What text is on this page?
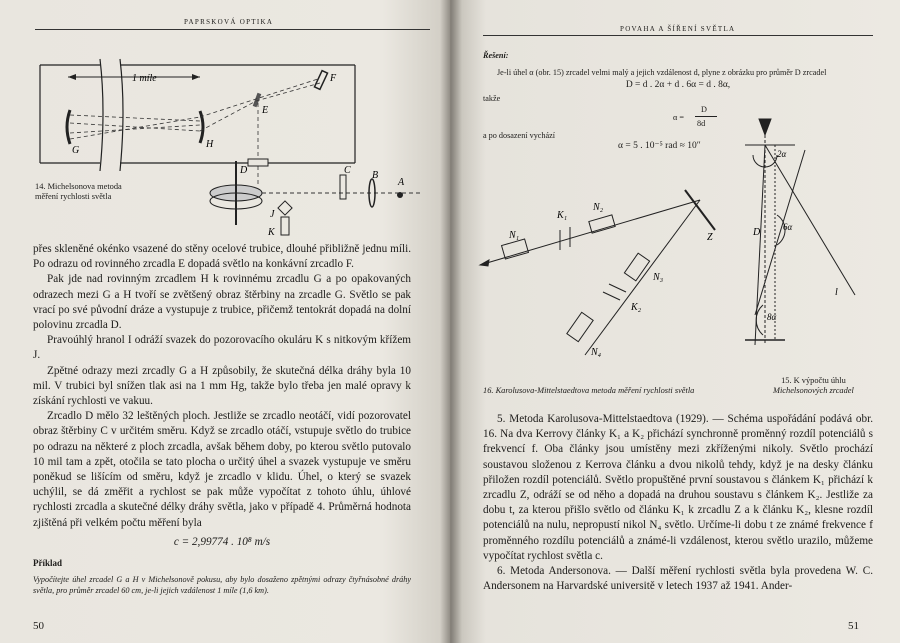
PAPRSKOVÁ OPTIKA
1 míle
G
H
F
E
D	C B
A
J
K
14. Michelsonova metoda
měření rychlosti světla

přes skleněné okénko vsazené do stěny ocelové trubice, dlouhé přibližně jednu míli. Po odrazu od rovinného zrcadla E dopadá světlo na konkávní zrcadlo F.

Pak jde nad rovinným zrcadlem H k rovinnému zrcadlu G a po opakovaných odrazech mezi G a H tvoří se zvětšený obraz štěrbiny na zrcadle G. Světlo se pak vrací po své původní dráze a vystupuje z trubice, přičemž tentokrát dopadá na dolní polovinu zrcadla D.

Pravoúhlý hranol I odráží svazek do pozorovacího okuláru K s nitkovým křížem J.

Zpětné odrazy mezi zrcadly G a H způsobily, že skutečná délka dráhy byla 10 mil. V trubici byl snížen tlak asi na 1 mm Hg, takže bylo třeba jen malé opravy k získání rychlosti ve vakuu.

Zrcadlo D mělo 32 leštěných ploch. Jestliže se zrcadlo neotáčí, vidí pozorovatel obraz štěrbiny C v určitém směru. Když se zrcadlo otáčí, vstupuje světlo do trubice po odrazu na některé z ploch zrcadla, avšak během doby, po kterou světlo putovalo 10 mil tam a zpět, otočila se tato plocha o určitý úhel a svazek vystupuje ve směru poněkud se lišícím od směru, když je zrcadlo v klidu. Úhel, o který se svazek uchýlil, se dá změřit a rychlost se pak může vypočítat z tohoto úhlu, úhlové rychlosti zrcadla a skutečné délky dráhy světla, jako v případě 4. Průměrná hodnota zjištěná při velkém počtu měření byla

c = 2,99774 . 10⁸ m/s

Příklad

Vypočítejte úhel zrcadel G a H v Michelsonově pokusu, aby bylo dosaženo zpětnými odrazy čtyřnásobné dráhy světla, pro průměr zrcadel 60 cm, je-li jejich vzdálenost 1 míle (1,6 km).

50
POVAHA A ŠÍŘENÍ SVĚTLA
Řešení:
Je-li úhel α (obr. 15) zrcadel velmi malý a jejich vzdálenost d, plyne z obrázku pro průměr D zrcadel
D = d . 2α + d . 6α = d . 8α,
takže
α =
D
8d
a po dosazení vychází
α = 5 . 10⁻⁵ rad ≈ 10″
K₁
N₂
N₁	Z
N₃
K₂
N₄
2α
6α
8α
D
l
16. Karolusova-Mittelstaedtova metoda měření rychlosti světla
15. K výpočtu úhlu
Michelsonových zrcadel

5. Metoda Karolusova-Mittelstaedtova (1929). — Schéma uspořádání podává obr. 16. Na dva Kerrovy články K₁ a K₂ přichází synchronně proměnný rozdíl potenciálů s frekvencí f. Oba články jsou umístěny mezi zkříženými nikoly. Světlo prochází soustavou složenou z Kerrova článku a dvou nikolů tehdy, když je na desky článku přiložen rozdíl potenciálů. Světlo propuštěné první soustavou s článkem K₁ přichází k zrcadlu Z, odráží se od něho a dopadá na druhou soustavu s článkem K₂. Jestliže za dobu t, za kterou přišlo světlo od článku K₁ k zrcadlu Z a k článku K₂, klesne rozdíl potenciálů na nulu, nepropustí nikol N₄ světlo. Určíme-li dobu t ze známé frekvence f proměnného rozdílu potenciálů a známé-li vzdálenost, kterou světlo urazilo, můžeme vypočítat rychlost světla c.

6. Metoda Andersonova. — Další měření rychlosti světla byla provedena W. C. Andersonem na Harvardské universitě v letech 1937 až 1941. Ander-

51
